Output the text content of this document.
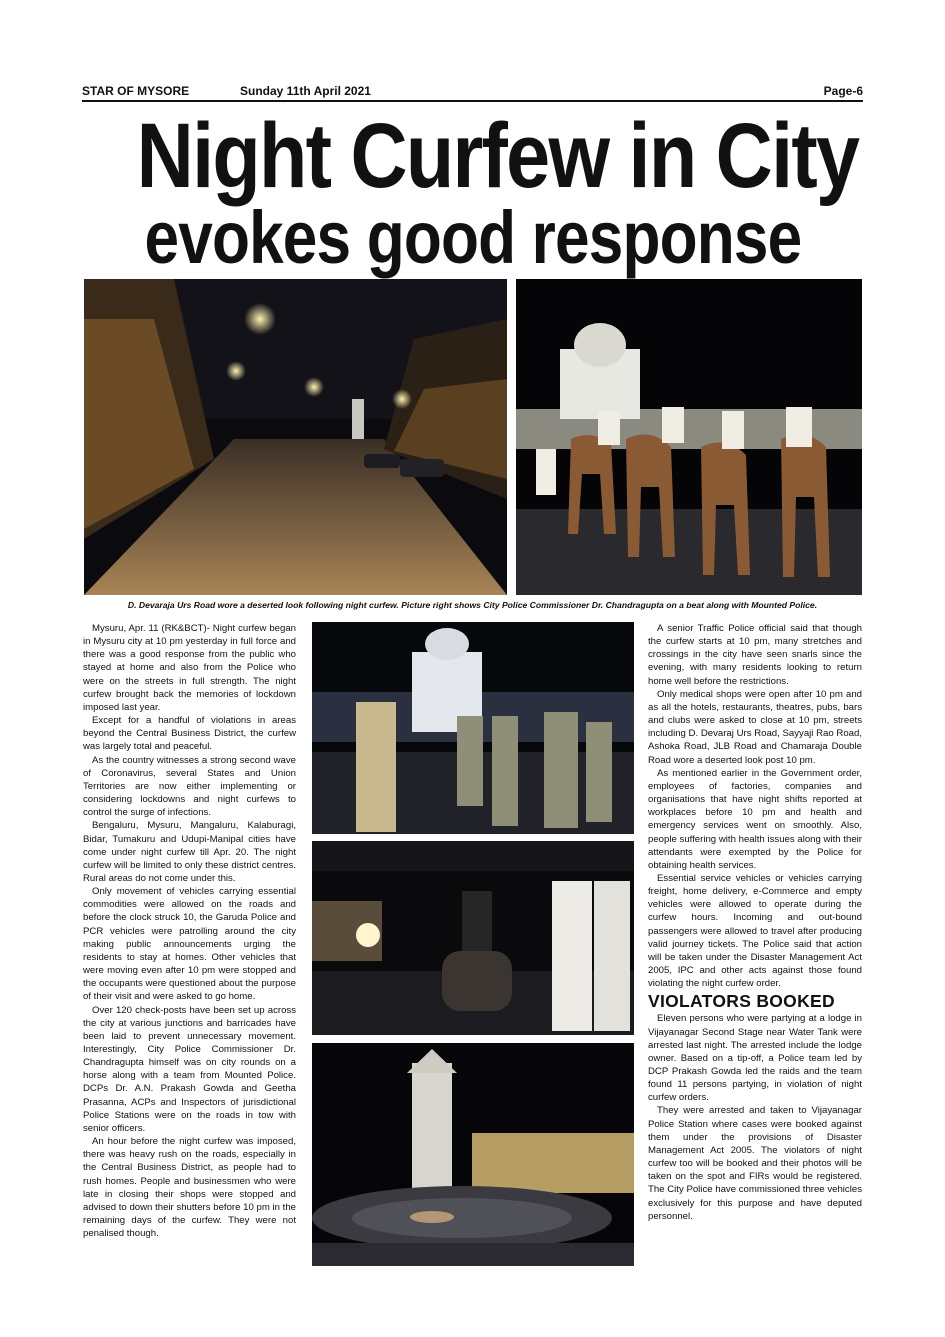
STAR OF MYSORE	Sunday 11th April 2021	Page-6
Night Curfew in City
evokes good response
D. Devaraja Urs Road wore a deserted look following night curfew. Picture right shows City Police Commissioner Dr. Chandragupta on a beat along with Mounted Police.

Mysuru, Apr. 11 (RK&BCT)- Night curfew began in Mysuru city at 10 pm yesterday in full force and there was a good response from the public who stayed at home and also from the Police who were on the streets in full strength. The night curfew brought back the memories of lockdown imposed last year.

Except for a handful of violations in areas beyond the Central Business District, the curfew was largely total and peaceful.

As the country witnesses a strong second wave of Coronavirus, several States and Union Territories are now either implementing or considering lockdowns and night curfews to control the surge of infections.

Bengaluru, Mysuru, Mangaluru, Kalaburagi, Bidar, Tumakuru and Udupi-Manipal cities have come under night curfew till Apr. 20. The night curfew will be limited to only these district centres. Rural areas do not come under this.

Only movement of vehicles carrying essential commodities were allowed on the roads and before the clock struck 10, the Garuda Police and PCR vehicles were patrolling around the city making public announcements urging the residents to stay at homes. Other vehicles that were moving even after 10 pm were stopped and the occupants were questioned about the purpose of their visit and were asked to go home.

Over 120 check-posts have been set up across the city at various junctions and barricades have been laid to prevent unnecessary movement. Interestingly, City Police Commissioner Dr. Chandragupta himself was on city rounds on a horse along with a team from Mounted Police. DCPs Dr. A.N. Prakash Gowda and Geetha Prasanna, ACPs and Inspectors of jurisdictional Police Stations were on the roads in tow with senior officers.

An hour before the night curfew was imposed, there was heavy rush on the roads, especially in the Central Business District, as people had to rush homes. People and businessmen who were late in closing their shops were stopped and advised to down their shutters before 10 pm in the remaining days of the curfew. They were not penalised though.

A senior Traffic Police official said that though the curfew starts at 10 pm, many stretches and crossings in the city have seen snarls since the evening, with many residents looking to return home well before the restrictions.

Only medical shops were open after 10 pm and as all the hotels, restaurants, theatres, pubs, bars and clubs were asked to close at 10 pm, streets including D. Devaraj Urs Road, Sayyaji Rao Road, Ashoka Road, JLB Road and Chamaraja Double Road wore a deserted look post 10 pm.

As mentioned earlier in the Government order, employees of factories, companies and organisations that have night shifts reported at workplaces before 10 pm and health and emergency services went on smoothly. Also, people suffering with health issues along with their attendants were exempted by the Police for obtaining health services.

Essential service vehicles or vehicles carrying freight, home delivery, e-Commerce and empty vehicles were allowed to operate during the curfew hours. Incoming and out-bound passengers were allowed to travel after producing valid journey tickets. The Police said that action will be taken under the Disaster Management Act 2005, IPC and other acts against those found violating the night curfew order.

VIOLATORS BOOKED

Eleven persons who were partying at a lodge in Vijayanagar Second Stage near Water Tank were arrested last night. The arrested include the lodge owner. Based on a tip-off, a Police team led by DCP Prakash Gowda led the raids and the team found 11 persons partying, in violation of night curfew orders.

They were arrested and taken to Vijayanagar Police Station where cases were booked against them under the provisions of Disaster Management Act 2005. The violators of night curfew too will be booked and their photos will be taken on the spot and FIRs would be registered. The City Police have commissioned three vehicles exclusively for this purpose and have deputed personnel.
